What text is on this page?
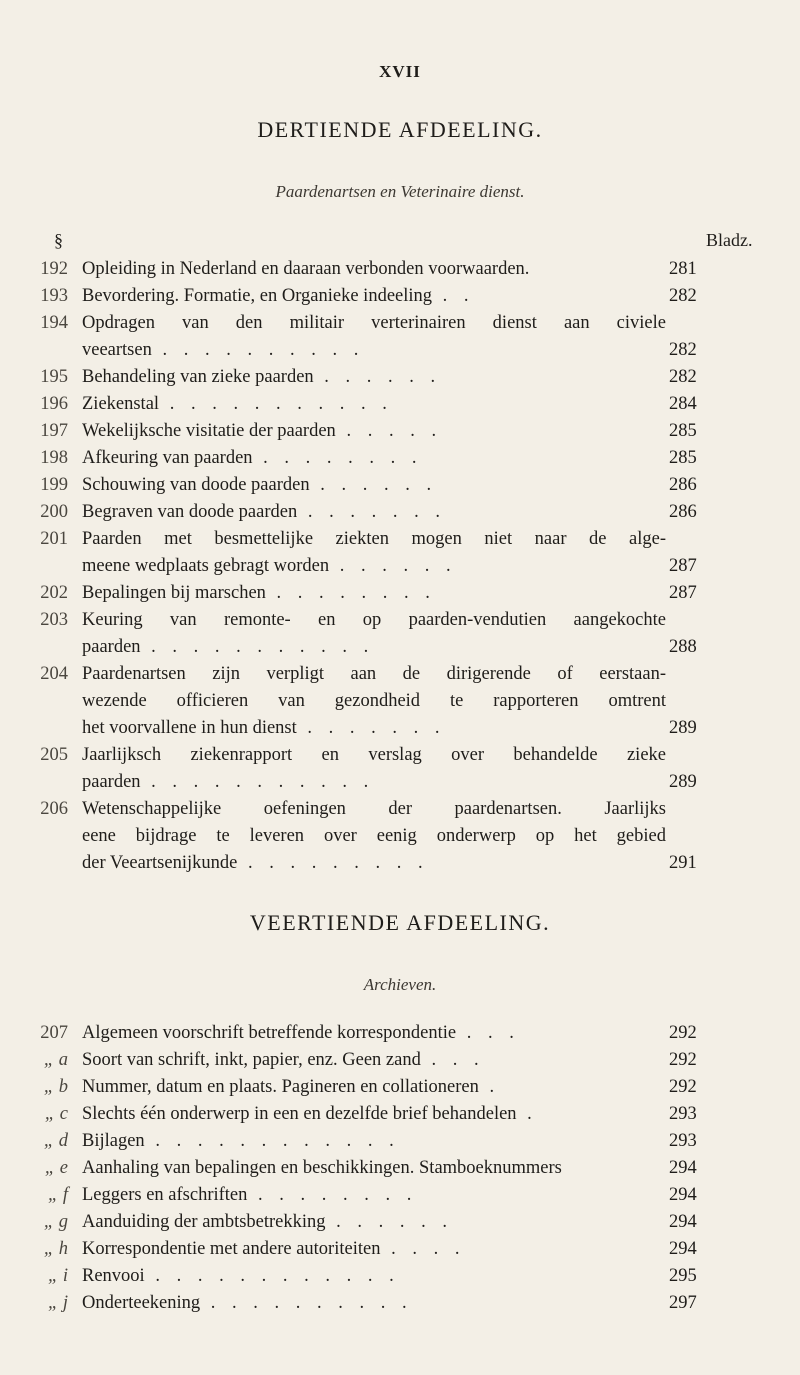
XVII
DERTIENDE AFDEELING.
Paardenartsen en Veterinaire dienst.
§	Bladz.
192 Opleiding in Nederland en daaraan verbonden voorwaarden.	281
193 Bevordering. Formatie, en Organieke indeeling . .	282
194 Opdragen van den militair verterinairen dienst aan civiele
veeartsen . . . . . . . . . .	282
195 Behandeling van zieke paarden . . . . . .	282
196 Ziekenstal . . . . . . . . . . .	284
197 Wekelijksche visitatie der paarden . . . . .	285
198 Afkeuring van paarden . . . . . . . .	285
199 Schouwing van doode paarden . . . . . .	286
200 Begraven van doode paarden . . . . . . .	286
201 Paarden met besmettelijke ziekten mogen niet naar de alge-
meene wedplaats gebragt worden . . . . . .	287
202 Bepalingen bij marschen . . . . . . . .	287
203 Keuring van remonte- en op paarden-vendutien aangekochte
paarden . . . . . . . . . . .	288
204 Paardenartsen zijn verpligt aan de dirigerende of eerstaan-
wezende officieren van gezondheid te rapporteren omtrent
het voorvallene in hun dienst . . . . . . .	289
205 Jaarlijksch ziekenrapport en verslag over behandelde zieke
paarden . . . . . . . . . . .	289
206 Wetenschappelijke oefeningen der paardenartsen. Jaarlijks
eene bijdrage te leveren over eenig onderwerp op het gebied
der Veeartsenijkunde . . . . . . . . .	291
VEERTIENDE AFDEELING.
Archieven.
207 Algemeen voorschrift betreffende korrespondentie . . .	292
„ a Soort van schrift, inkt, papier, enz. Geen zand . . .	292
„ b Nummer, datum en plaats. Pagineren en collationeren .	292
„ c Slechts één onderwerp in een en dezelfde brief behandelen .	293
„ d Bijlagen . . . . . . . . . . . .	293
„ e Aanhaling van bepalingen en beschikkingen. Stamboeknummers	294
„ f Leggers en afschriften . . . . . . . .	294
„ g Aanduiding der ambtsbetrekking . . . . . .	294
„ h Korrespondentie met andere autoriteiten . . . .	294
„ i Renvooi . . . . . . . . . . . .	295
„ j Onderteekening . . . . . . . . . .	297
